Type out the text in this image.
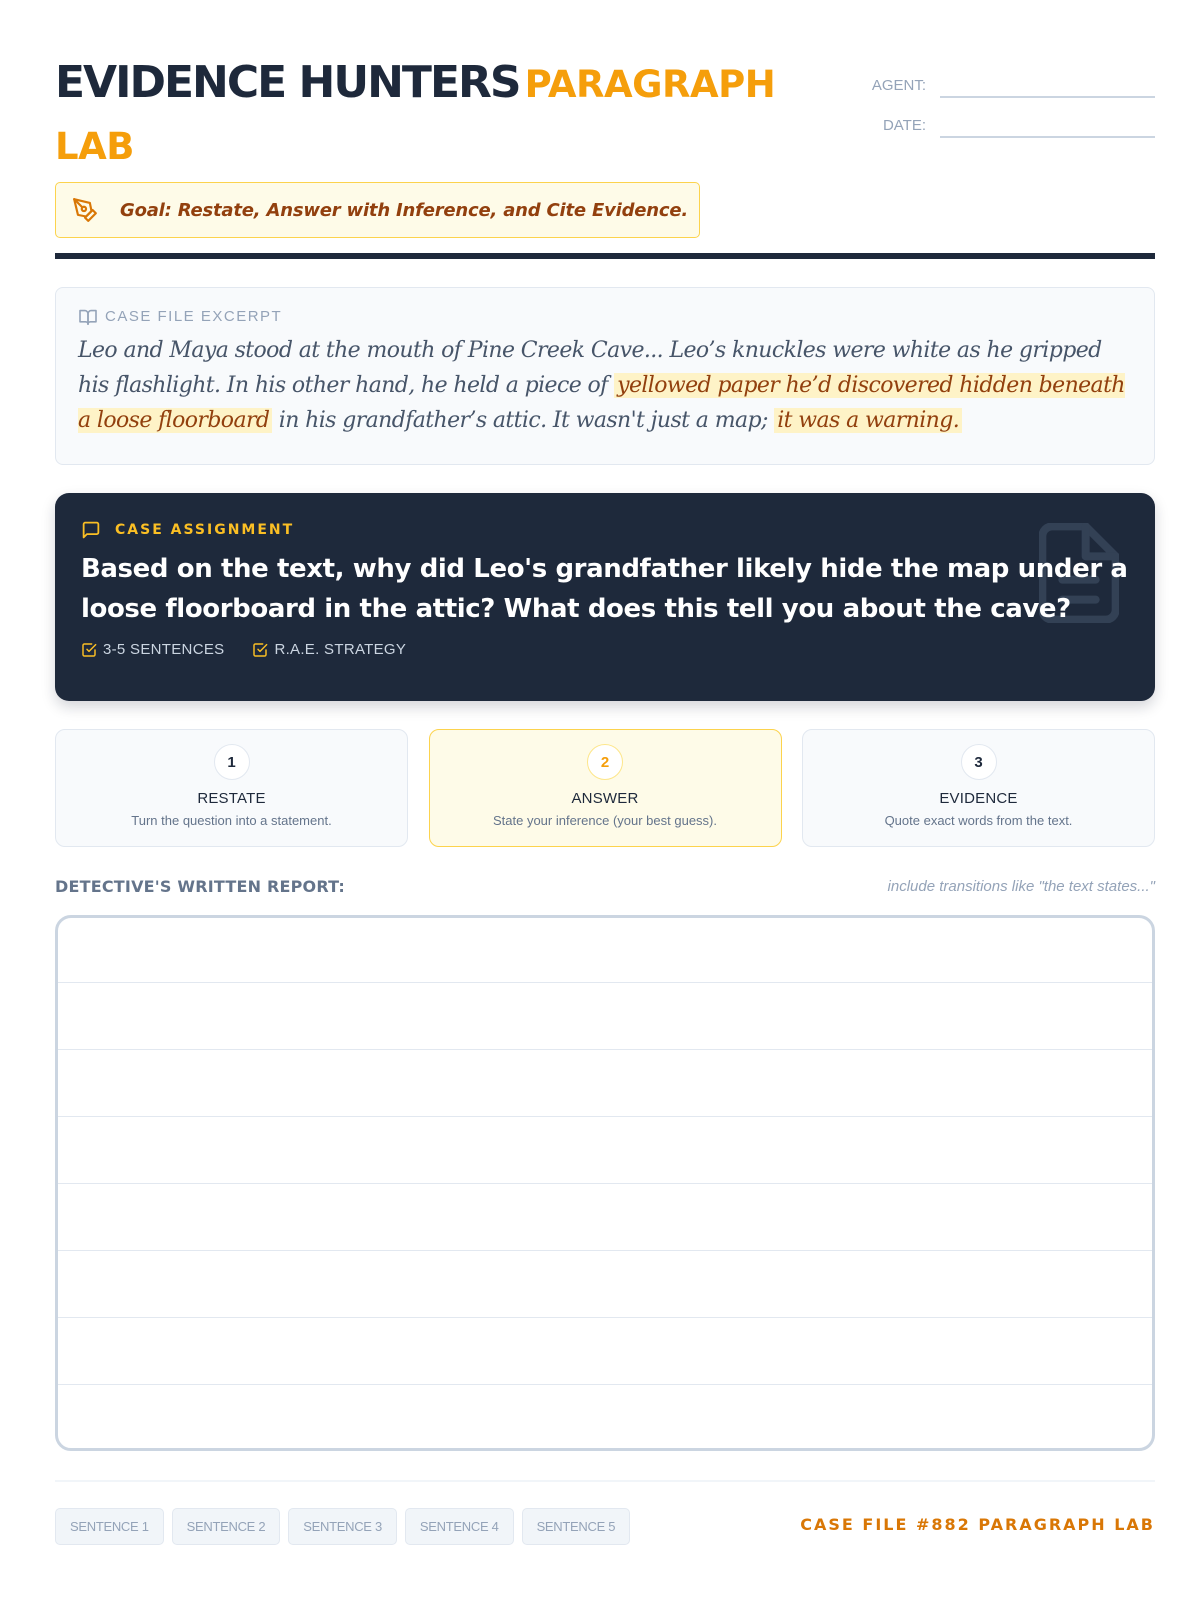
EVIDENCE HUNTERS PARAGRAPH LAB
AGENT:
DATE:
Goal: Restate, Answer with Inference, and Cite Evidence.
CASE FILE EXCERPT

Leo and Maya stood at the mouth of Pine Creek Cave... Leo’s knuckles were white as he gripped his flashlight. In his other hand, he held a piece of yellowed paper he’d discovered hidden beneath a loose floorboard in his grandfather’s attic. It wasn't just a map; it was a warning.

CASE ASSIGNMENT

Based on the text, why did Leo's grandfather likely hide the map under a loose floorboard in the attic? What does this tell you about the cave?

3-5 SENTENCES	R.A.E. STRATEGY
1
RESTATE
Turn the question into a statement.
2
ANSWER
State your inference (your best guess).
3
EVIDENCE
Quote exact words from the text.
DETECTIVE'S WRITTEN REPORT:	include transitions like "the text states..."
SENTENCE 1	SENTENCE 2	SENTENCE 3	SENTENCE 4	SENTENCE 5	CASE FILE #882 PARAGRAPH LAB
